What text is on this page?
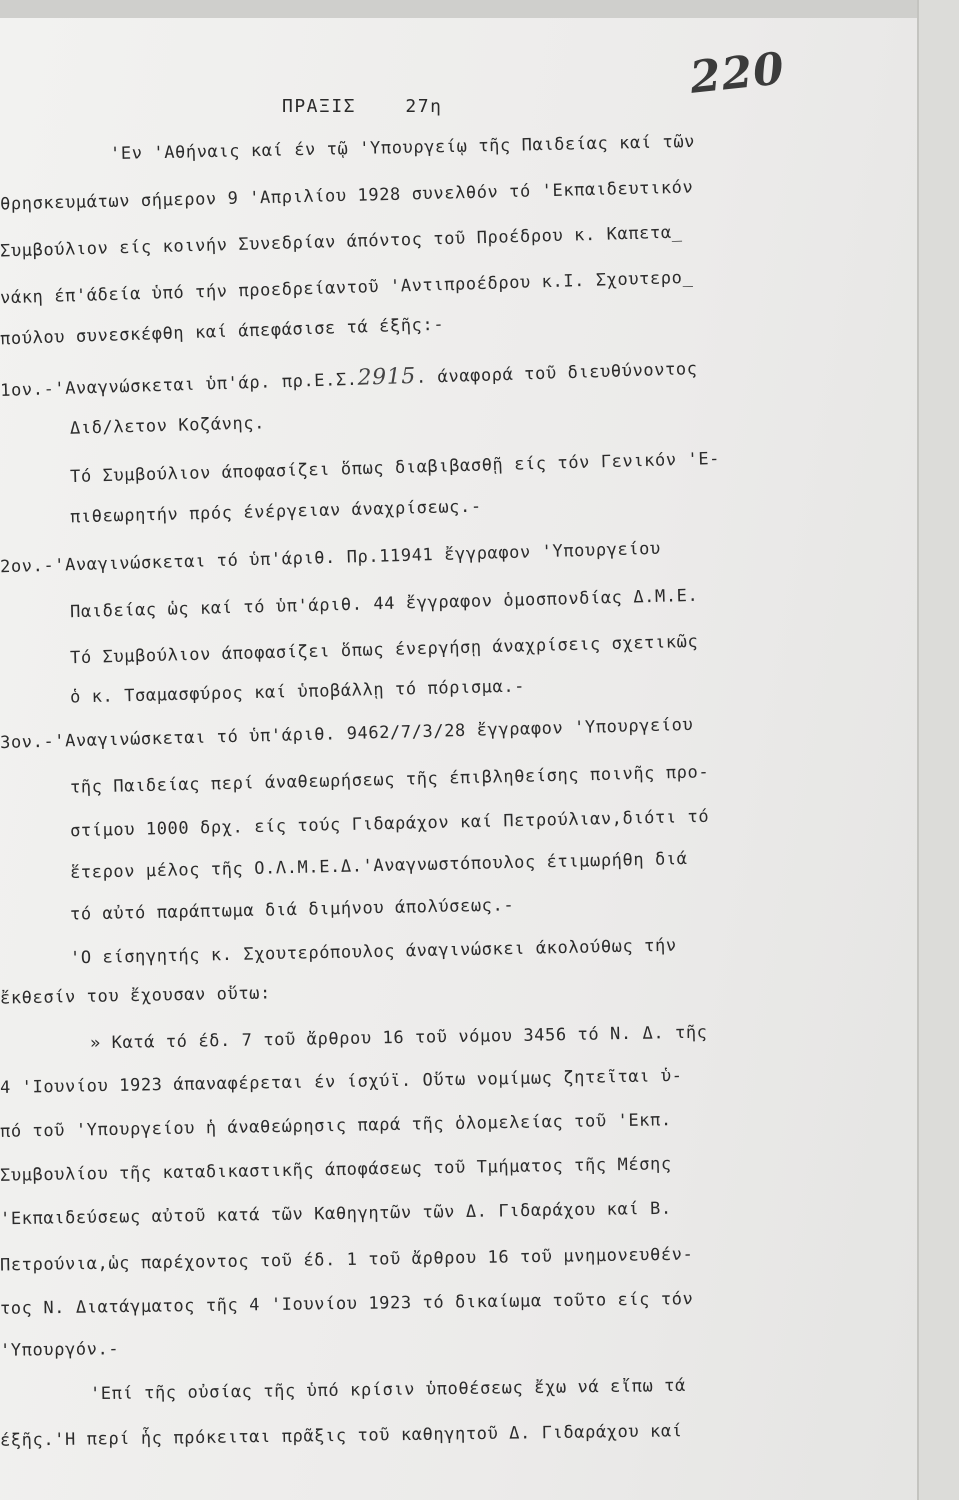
220
ΠΡΑΞΙΣ	27η
'Εν 'Αθήναις καί έν τῷ 'Υπουργείῳ τῆς Παιδείας καί τῶν
θρησκευμάτων σήμερον 9 'Απριλίου 1928 συνελθόν τό 'Εκπαιδευτικόν
Συμβούλιον είς κοινήν Συνεδρίαν άπόντος τοῦ Προέδρου κ. Καπετα_
νάκη έπ'άδεία ὑπό τήν προεδρείαντοῦ 'Αντιπροέδρου κ.Ι. Σχουτερο_
πούλου συνεσκέφθη καί άπεφάσισε τά έξῆς:-
1ον.-'Αναγνώσκεται ὑπ'άρ. πρ.Ε.Σ.2915. άναφορά τοῦ διευθύνοντος
Διδ/λετον Κοζάνης.
Τό Συμβούλιον άποφασίζει ὅπως διαβιβασθῇ είς τόν Γενικόν 'Ε-
πιθεωρητήν πρός ένέργειαν άναχρίσεως.-
2ον.-'Αναγινώσκεται τό ὑπ'άριθ. Πρ.11941 ἔγγραφον 'Υπουργείου
Παιδείας ὡς καί τό ὑπ'άριθ. 44 ἔγγραφον ὁμοσπονδίας Δ.Μ.Ε.
Τό Συμβούλιον άποφασίζει ὅπως ένεργήσῃ άναχρίσεις σχετικῶς
ὁ κ. Τσαμασφύρος καί ὑποβάλλῃ τό πόρισμα.-
3ον.-'Αναγινώσκεται τό ὑπ'άριθ. 9462/7/3/28 ἔγγραφον 'Υπουργείου
τῆς Παιδείας περί άναθεωρήσεως τῆς έπιβληθείσης ποινῆς προ-
στίμου 1000 δρχ. είς τούς Γιδαράχον καί Πετρούλιαν,διότι τό
ἕτερον μέλος τῆς Ο.Λ.Μ.Ε.Δ.'Αναγνωστόπουλος έτιμωρήθη διά
τό αὐτό παράπτωμα διά διμήνου άπολύσεως.-
'Ο είσηγητής κ. Σχουτερόπουλος άναγινώσκει άκολούθως τήν
ἔκθεσίν του ἔχουσαν οὕτω:
» Κατά τό έδ. 7 τοῦ ἄρθρου 16 τοῦ νόμου 3456 τό Ν. Δ. τῆς
4 'Ιουνίου 1923 άπαναφέρεται έν ίσχύϊ. Οὕτω νομίμως ζητεῖται ὑ-
πό τοῦ 'Υπουργείου ἡ άναθεώρησις παρά τῆς ὁλομελείας τοῦ 'Εκπ.
Συμβουλίου τῆς καταδικαστικῆς άποφάσεως τοῦ Τμήματος τῆς Μέσης
'Εκπαιδεύσεως αὐτοῦ κατά τῶν Καθηγητῶν τῶν Δ. Γιδαράχου καί Β.
Πετρούνια,ὡς παρέχοντος τοῦ έδ. 1 τοῦ ἄρθρου 16 τοῦ μνημονευθέν-
τος Ν. Διατάγματος τῆς 4 'Ιουνίου 1923 τό δικαίωμα τοῦτο είς τόν
'Υπουργόν.-
'Επί τῆς οὐσίας τῆς ὑπό κρίσιν ὑποθέσεως ἔχω νά εἴπω τά
έξῆς.'Η περί ἧς πρόκειται πρᾶξις τοῦ καθηγητοῦ Δ. Γιδαράχου καί
